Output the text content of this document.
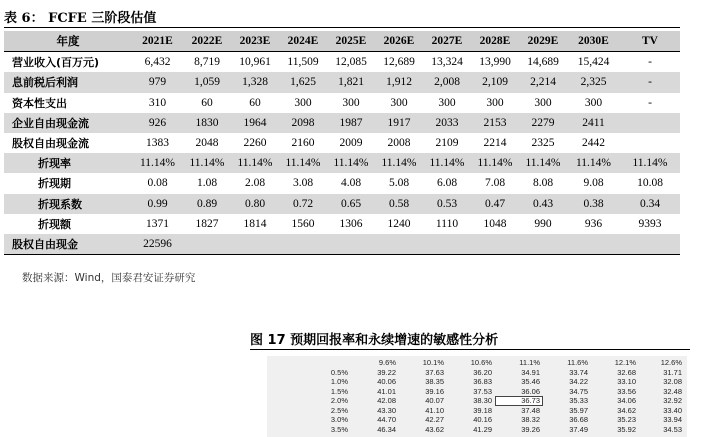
表 6： FCFE 三阶段估值
年度	2021E	2022E	2023E	2024E	2025E	2026E	2027E	2028E	2029E	2030E	TV
营业收入(百万元)	6,432	8,719	10,961	11,509	12,085	12,689	13,324	13,990	14,689	15,424	-
息前税后利润	979	1,059	1,328	1,625	1,821	1,912	2,008	2,109	2,214	2,325	-
资本性支出	310	60	60	300	300	300	300	300	300	300	-
企业自由现金流	926	1830	1964	2098	1987	1917	2033	2153	2279	2411	
股权自由现金流	1383	2048	2260	2160	2009	2008	2109	2214	2325	2442	
折现率	11.14%	11.14%	11.14%	11.14%	11.14%	11.14%	11.14%	11.14%	11.14%	11.14%	11.14%
折现期	0.08	1.08	2.08	3.08	4.08	5.08	6.08	7.08	8.08	9.08	10.08
折现系数	0.99	0.89	0.80	0.72	0.65	0.58	0.53	0.47	0.43	0.38	0.34
折现额	1371	1827	1814	1560	1306	1240	1110	1048	990	936	9393
股权自由现金	22596										
数据来源：Wind，国泰君安证券研究
图 17 预期回报率和永续增速的敏感性分析
	9.6%	10.1%	10.6%	11.1%	11.6%	12.1%	12.6%
0.5%	39.22	37.63	36.20	34.91	33.74	32.68	31.71
1.0%	40.06	38.35	36.83	35.46	34.22	33.10	32.08
1.5%	41.01	39.16	37.53	36.06	34.75	33.56	32.48
2.0%	42.08	40.07	38.30	36.73	35.33	34.06	32.92
2.5%	43.30	41.10	39.18	37.48	35.97	34.62	33.40
3.0%	44.70	42.27	40.16	38.32	36.68	35.23	33.94
3.5%	46.34	43.62	41.29	39.26	37.49	35.92	34.53
